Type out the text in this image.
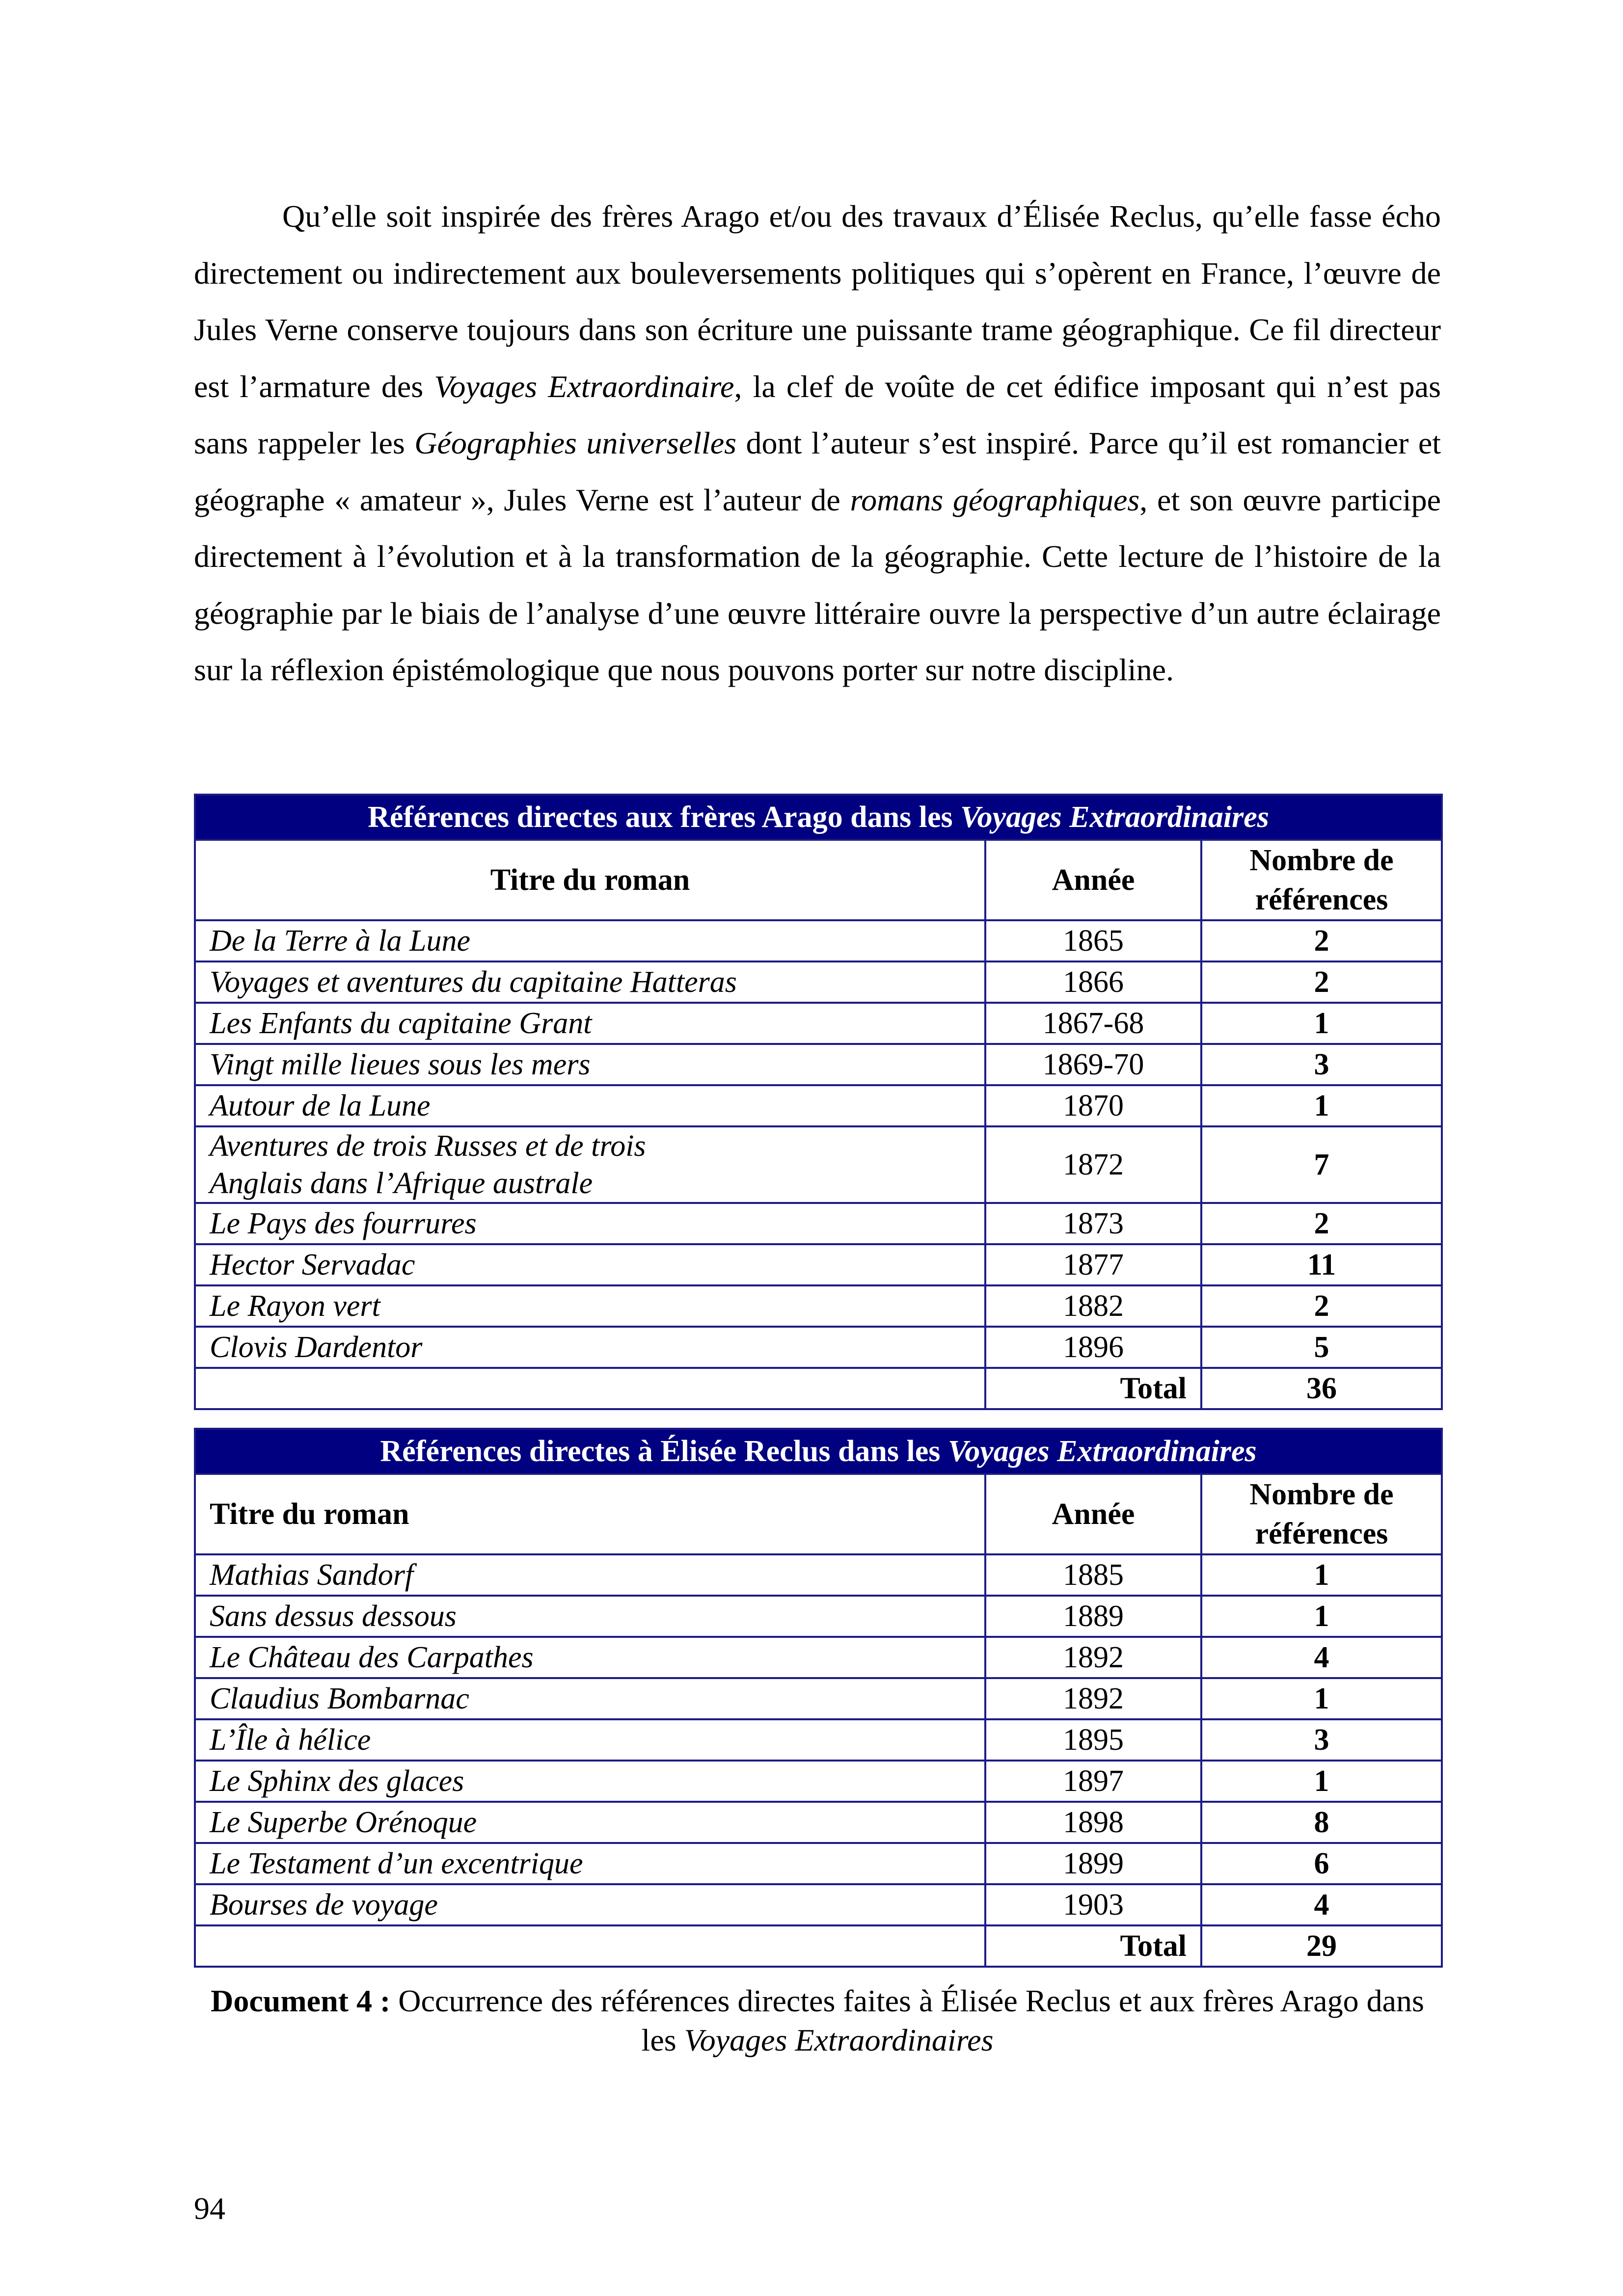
Qu’elle soit inspirée des frères Arago et/ou des travaux d’Élisée Reclus, qu’elle fasse écho directement ou indirectement aux bouleversements politiques qui s’opèrent en France, l’œuvre de Jules Verne conserve toujours dans son écriture une puissante trame géographique. Ce fil directeur est l’armature des Voyages Extraordinaire, la clef de voûte de cet édifice imposant qui n’est pas sans rappeler les Géographies universelles dont l’auteur s’est inspiré. Parce qu’il est romancier et géographe « amateur », Jules Verne est l’auteur de romans géographiques, et son œuvre participe directement à l’évolution et à la transformation de la géographie. Cette lecture de l’histoire de la géographie par le biais de l’analyse d’une œuvre littéraire ouvre la perspective d’un autre éclairage sur la réflexion épistémologique que nous pouvons porter sur notre discipline.

Références directes aux frères Arago dans les Voyages Extraordinaires		
Titre du roman	Année	Nombre de
références
De la Terre à la Lune	1865	2
Voyages et aventures du capitaine Hatteras	1866	2
Les Enfants du capitaine Grant	1867-68	1
Vingt mille lieues sous les mers	1869-70	3
Autour de la Lune	1870	1
Aventures de trois Russes et de trois
Anglais dans l’Afrique australe	1872	7
Le Pays des fourrures	1873	2
Hector Servadac	1877	11
Le Rayon vert	1882	2
Clovis Dardentor	1896	5
	Total	36
Références directes à Élisée Reclus dans les Voyages Extraordinaires		
Titre du roman	Année	Nombre de
références
Mathias Sandorf	1885	1
Sans dessus dessous	1889	1
Le Château des Carpathes	1892	4
Claudius Bombarnac	1892	1
L’Île à hélice	1895	3
Le Sphinx des glaces	1897	1
Le Superbe Orénoque	1898	8
Le Testament d’un excentrique	1899	6
Bourses de voyage	1903	4
	Total	29

Document 4 : Occurrence des références directes faites à Élisée Reclus et aux frères Arago dans les Voyages Extraordinaires

94
